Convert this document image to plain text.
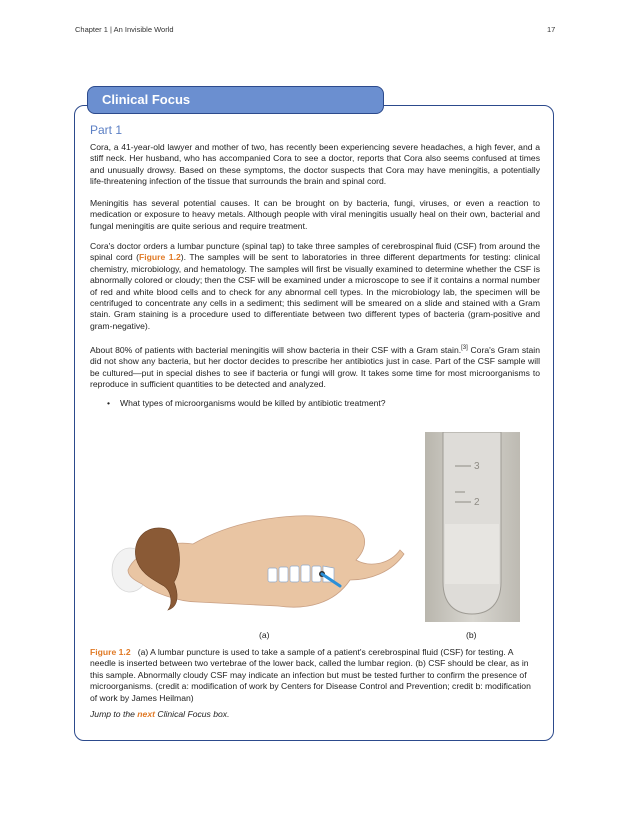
Chapter 1 | An Invisible World	17
Clinical Focus
Part 1
Cora, a 41-year-old lawyer and mother of two, has recently been experiencing severe headaches, a high fever, and a stiff neck. Her husband, who has accompanied Cora to see a doctor, reports that Cora also seems confused at times and unusually drowsy. Based on these symptoms, the doctor suspects that Cora may have meningitis, a potentially life-threatening infection of the tissue that surrounds the brain and spinal cord.
Meningitis has several potential causes. It can be brought on by bacteria, fungi, viruses, or even a reaction to medication or exposure to heavy metals. Although people with viral meningitis usually heal on their own, bacterial and fungal meningitis are quite serious and require treatment.
Cora's doctor orders a lumbar puncture (spinal tap) to take three samples of cerebrospinal fluid (CSF) from around the spinal cord (Figure 1.2). The samples will be sent to laboratories in three different departments for testing: clinical chemistry, microbiology, and hematology. The samples will first be visually examined to determine whether the CSF is abnormally colored or cloudy; then the CSF will be examined under a microscope to see if it contains a normal number of red and white blood cells and to check for any abnormal cell types. In the microbiology lab, the specimen will be centrifuged to concentrate any cells in a sediment; this sediment will be smeared on a slide and stained with a Gram stain. Gram staining is a procedure used to differentiate between two different types of bacteria (gram-positive and gram-negative).
About 80% of patients with bacterial meningitis will show bacteria in their CSF with a Gram stain.[3] Cora's Gram stain did not show any bacteria, but her doctor decides to prescribe her antibiotics just in case. Part of the CSF sample will be cultured—put in special dishes to see if bacteria or fungi will grow. It takes some time for most microorganisms to reproduce in sufficient quantities to be detected and analyzed.
• What types of microorganisms would be killed by antibiotic treatment?
3
2
(a)	(b)
Figure 1.2 (a) A lumbar puncture is used to take a sample of a patient's cerebrospinal fluid (CSF) for testing. A needle is inserted between two vertebrae of the lower back, called the lumbar region. (b) CSF should be clear, as in this sample. Abnormally cloudy CSF may indicate an infection but must be tested further to confirm the presence of microorganisms. (credit a: modification of work by Centers for Disease Control and Prevention; credit b: modification of work by James Heilman)
Jump to the next Clinical Focus box.
